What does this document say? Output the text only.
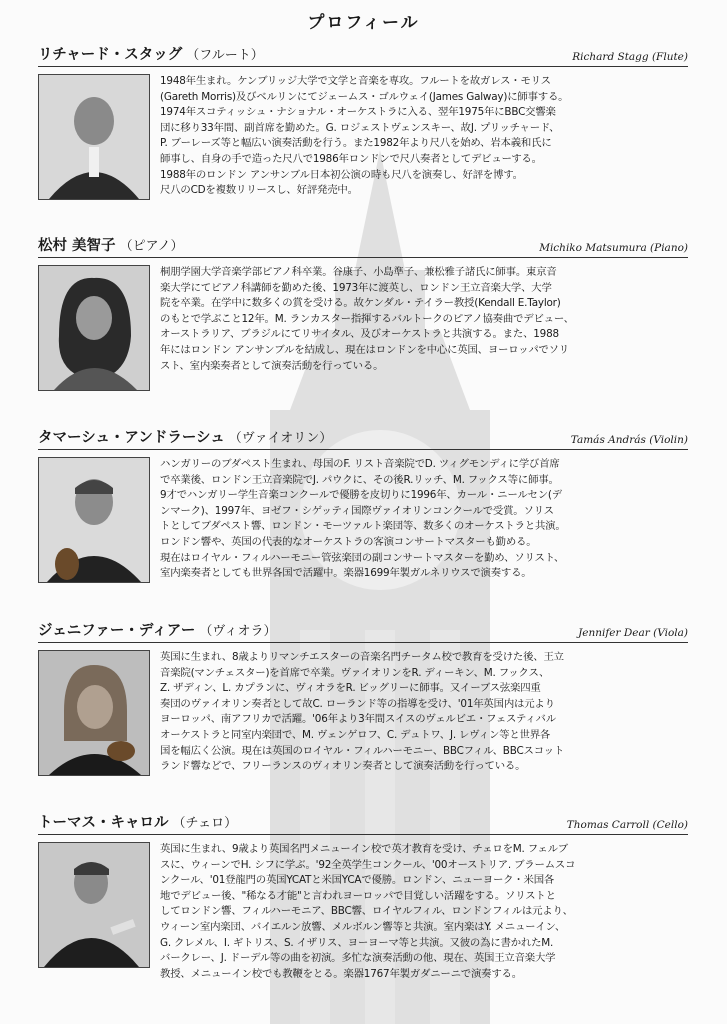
プロフィール
リチャード・スタッグ （フルート）	Richard Stagg (Flute)
1948年生まれ。ケンブリッジ大学で文学と音楽を専攻。フルートを故ガレス・モリス
(Gareth Morris)及びベルリンにてジェームス・ゴルウェイ(James Galway)に師事する。
1974年スコティッシュ・ナショナル・オーケストラに入る、翌年1975年にBBC交響楽
団に移り33年間、副首席を勤めた。G. ロジェストヴェンスキー、故J. プリッチャード、
P. ブーレーズ等と幅広い演奏活動を行う。また1982年より尺八を始め、岩本義和氏に
師事し、自身の手で造った尺八で1986年ロンドンで尺八奏者としてデビューする。
1988年のロンドン アンサンブル日本初公演の時も尺八を演奏し、好評を博す。
尺八のCDを複数リリースし、好評発売中。
松村 美智子 （ピアノ）	Michiko Matsumura (Piano)
桐朋学園大学音楽学部ピアノ科卒業。谷康子、小島準子、兼松雅子諸氏に師事。東京音
楽大学にてピアノ科講師を勤めた後、1973年に渡英し、ロンドン王立音楽大学、大学
院を卒業。在学中に数多くの賞を受ける。故ケンダル・テイラー教授(Kendall E.Taylor)
のもとで学ぶこと12年。M. ランカスター指揮するバルトークのピアノ協奏曲でデビュー、
オーストラリア、ブラジルにてリサイタル、及びオーケストラと共演する。また、1988
年にはロンドン アンサンブルを結成し、現在はロンドンを中心に英国、ヨーロッパでソリ
スト、室内楽奏者として演奏活動を行っている。
タマーシュ・アンドラーシュ （ヴァイオリン）	Tamás András (Violin)
ハンガリーのブダペスト生まれ、母国のF. リスト音楽院でD. ツィグモンディに学び首席
で卒業後、ロンドン王立音楽院でJ. パウクに、その後R.リッチ、M. フックス等に師事。
9才でハンガリー学生音楽コンクールで優勝を皮切りに1996年、カール・ニールセン(デ
ンマーク)、1997年、ヨゼフ・シゲッティ国際ヴァイオリンコンクールで受賞。ソリス
トとしてブダペスト響、ロンドン・モーツァルト楽団等、数多くのオーケストラと共演。
ロンドン響や、英国の代表的なオーケストラの客演コンサートマスターも勤める。
現在はロイヤル・フィルハーモニー管弦楽団の副コンサートマスターを勤め、ソリスト、
室内楽奏者としても世界各国で活躍中。楽器1699年製ガルネリウスで演奏する。
ジェニファー・ディアー （ヴィオラ）	Jennifer Dear (Viola)
英国に生まれ、8歳よりリマンチエスターの音楽名門チータム校で教育を受けた後、王立
音楽院(マンチェスター)を首席で卒業。ヴァイオリンをR. ディーキン、M. フックス、
Z. ザディン、L. カプランに、ヴィオラをR. ビッグリーに師事。又イーブス弦楽四重
奏団のヴァイオリン奏者として故C. ローランド等の指導を受け、'01年英国内は元より
ヨーロッパ、南アフリカで活躍。'06年より3年間スイスのヴェルビエ・フェスティバル
オーケストラと同室内楽団で、M. ヴェンゲロフ、C. デュトワ、J. レヴィン等と世界各
国を幅広く公演。現在は英国のロイヤル・フィルハーモニー、BBCフィル、BBCスコット
ランド響などで、フリーランスのヴィオリン奏者として演奏活動を行っている。
トーマス・キャロル （チェロ）	Thomas Carroll (Cello)
英国に生まれ、9歳より英国名門メニューイン校で英才教育を受け、チェロをM. フェルブ
スに、ウィーンでH. シフに学ぶ。'92全英学生コンクール、'00オーストリア. ブラームスコ
ンクール、'01登龍門の英国YCATと米国YCAで優勝。ロンドン、ニューヨーク・米国各
地でデビュー後、"稀なる才能"と言われヨーロッパで目覚しい活躍をする。ソリストと
してロンドン響、フィルハーモニア、BBC響、ロイヤルフィル、ロンドンフィルは元より、
ウィーン室内楽団、バイエルン放響、メルボルン響等と共演。室内楽はY. メニューイン、
G. クレメル、I. ギトリス、S. イザリス、ヨーヨーマ等と共演。又彼の為に書かれたM.
バークレー、J. ドーデル等の曲を初演。多忙な演奏活動の他、現在、英国王立音楽大学
教授、メニューイン校でも教鞭をとる。楽器1767年製ガダニーニで演奏する。
